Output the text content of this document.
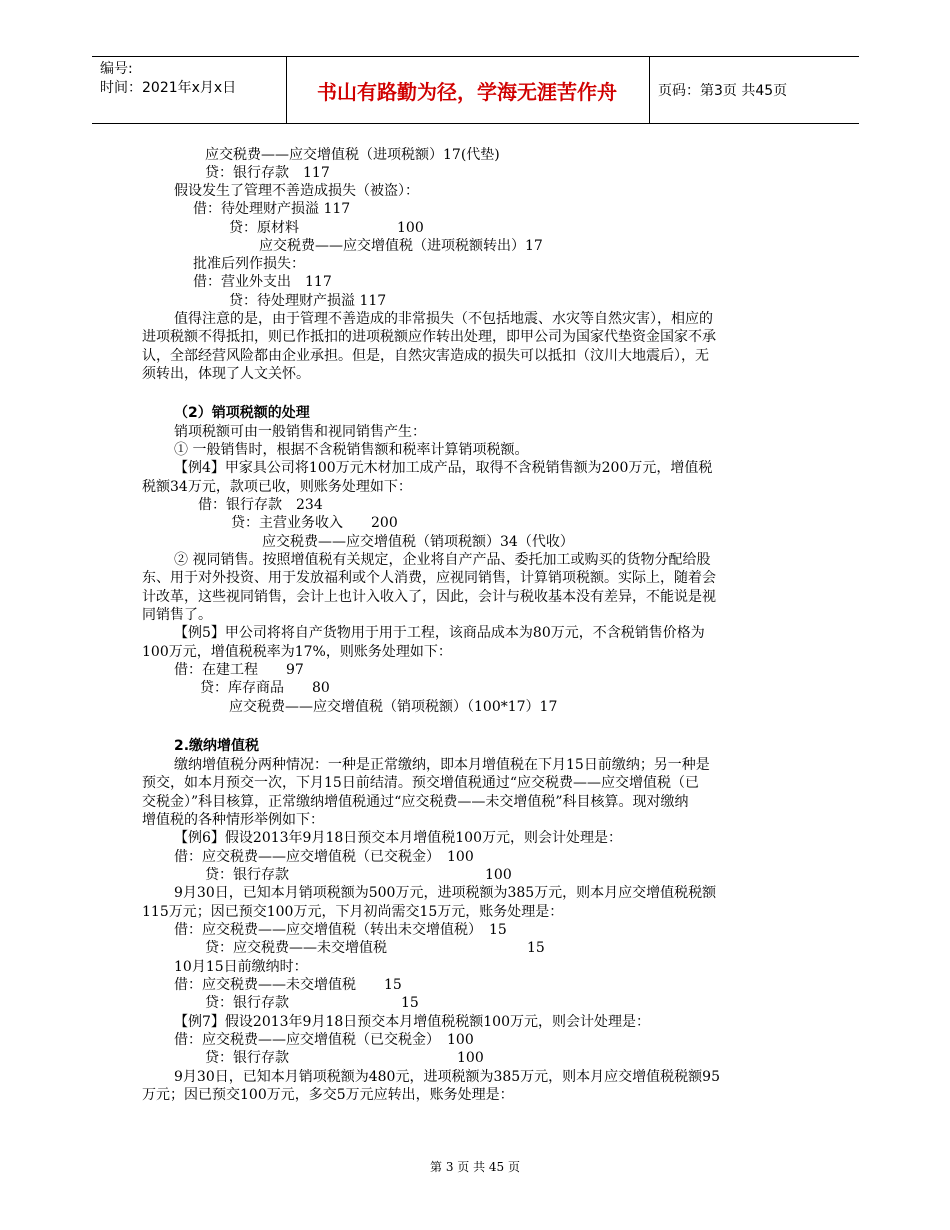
编号:
时间：2021年x月x日	书山有路勤为径，学海无涯苦作舟	页码：第3页 共45页
应交税费——应交增值税（进项税额）17(代垫)
贷：银行存款　117
假设发生了管理不善造成损失（被盗）：
借：待处理财产损溢 117
贷：原材料　　　　　　　100
应交税费——应交增值税（进项税额转出）17
批准后列作损失：
借：营业外支出　117
贷：待处理财产损溢 117
值得注意的是，由于管理不善造成的非常损失（不包括地震、水灾等自然灾害），相应的
进项税额不得抵扣，则已作抵扣的进项税额应作转出处理，即甲公司为国家代垫资金国家不承
认，全部经营风险都由企业承担。但是，自然灾害造成的损失可以抵扣（汶川大地震后），无
须转出，体现了人文关怀。
（2）销项税额的处理
销项税额可由一般销售和视同销售产生：
① 一般销售时，根据不含税销售额和税率计算销项税额。
【例4】甲家具公司将100万元木材加工成产品，取得不含税销售额为200万元，增值税
税额34万元，款项已收，则账务处理如下：
借：银行存款　234
贷：主营业务收入　　200
应交税费——应交增值税（销项税额）34（代收）
② 视同销售。按照增值税有关规定，企业将自产产品、委托加工或购买的货物分配给股
东、用于对外投资、用于发放福利或个人消费，应视同销售，计算销项税额。实际上，随着会
计改革，这些视同销售，会计上也计入收入了，因此，会计与税收基本没有差异，不能说是视
同销售了。
【例5】甲公司将将自产货物用于用于工程，该商品成本为80万元，不含税销售价格为
100万元，增值税税率为17%，则账务处理如下：
借：在建工程　　97
贷：库存商品　　80
应交税费——应交增值税（销项税额）（100*17）17
2.缴纳增值税
缴纳增值税分两种情况：一种是正常缴纳，即本月增值税在下月15日前缴纳；另一种是
预交，如本月预交一次，下月15日前结清。预交增值税通过“应交税费——应交增值税（已
交税金）”科目核算，正常缴纳增值税通过“应交税费——未交增值税”科目核算。现对缴纳
增值税的各种情形举例如下：
【例6】假设2013年9月18日预交本月增值税100万元，则会计处理是：
借：应交税费——应交增值税（已交税金）　100
贷：银行存款　　　　　　　　　　　　　　100
9月30日，已知本月销项税额为500万元，进项税额为385万元，则本月应交增值税税额
115万元；因已预交100万元，下月初尚需交15万元，账务处理是：
借：应交税费——应交增值税（转出未交增值税）　15
贷：应交税费——未交增值税　　　　　　　　　　15
10月15日前缴纳时：
借：应交税费——未交增值税　　15
贷：银行存款　　　　　　　　15
【例7】假设2013年9月18日预交本月增值税税额100万元，则会计处理是：
借：应交税费——应交增值税（已交税金）　100
贷：银行存款　　　　　　　　　　　　100
9月30日，已知本月销项税额为480元，进项税额为385万元，则本月应交增值税税额95
万元；因已预交100万元，多交5万元应转出，账务处理是：
第 3 页 共 45 页
